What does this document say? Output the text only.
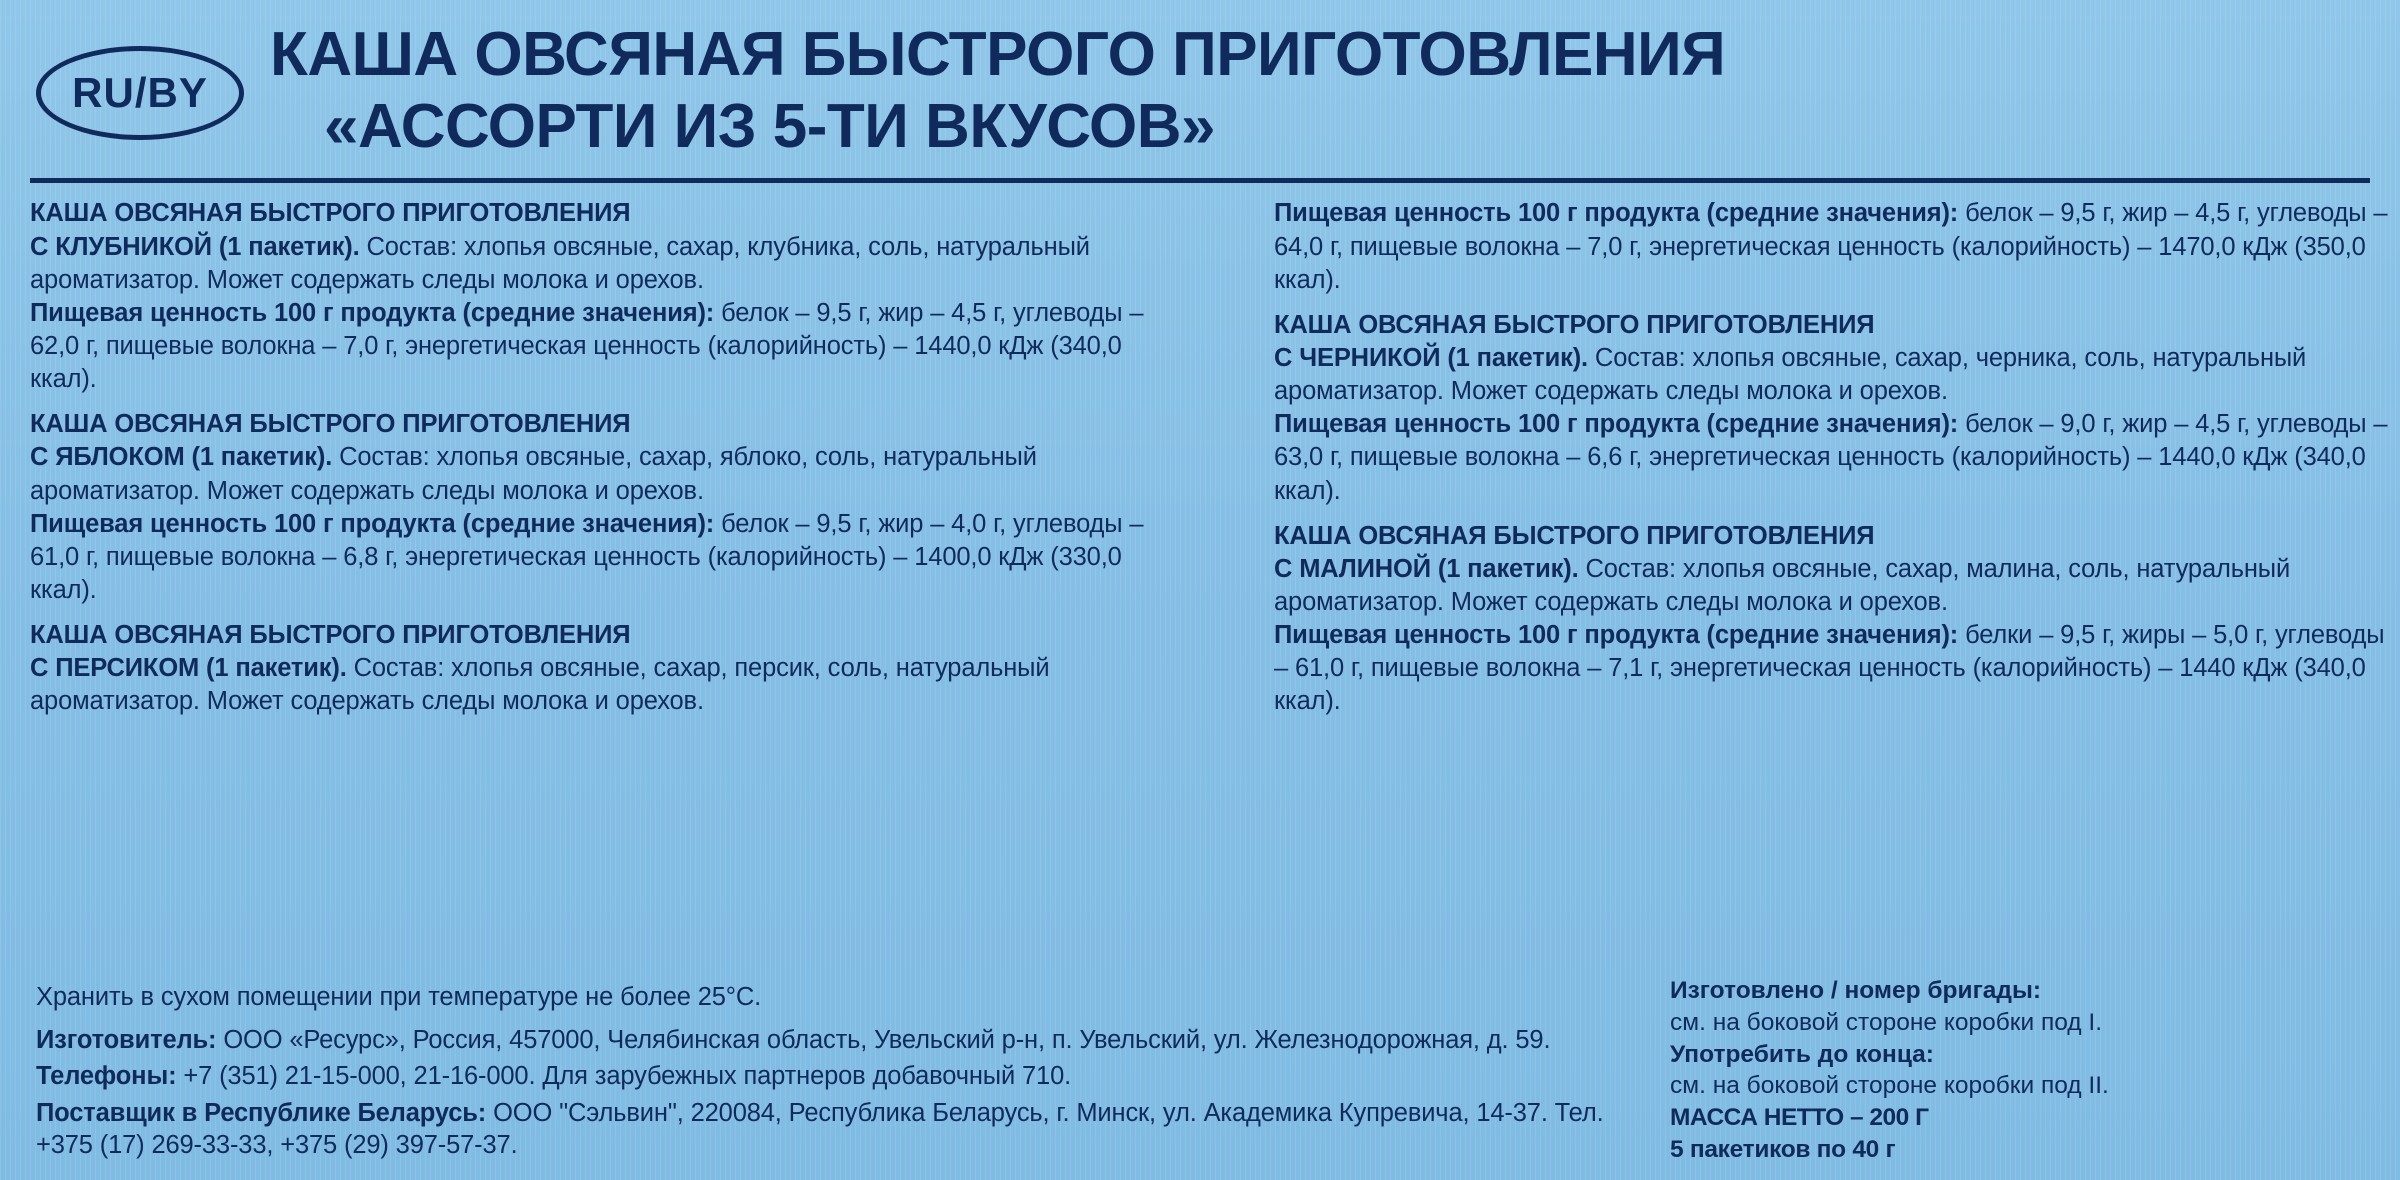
RU/BY
КАША ОВСЯНАЯ БЫСТРОГО ПРИГОТОВЛЕНИЯ
«АССОРТИ ИЗ 5-ТИ ВКУСОВ»

КАША ОВСЯНАЯ БЫСТРОГО ПРИГОТОВЛЕНИЯ

С КЛУБНИКОЙ (1 пакетик). Состав: хлопья овсяные, сахар, клубника, соль, натуральный ароматизатор. Может содержать следы молока и орехов.

Пищевая ценность 100 г продукта (средние значения): белок – 9,5 г, жир – 4,5 г, углеводы – 62,0 г, пищевые волокна – 7,0 г, энергетическая ценность (калорийность) – 1440,0 кДж (340,0 ккал).

КАША ОВСЯНАЯ БЫСТРОГО ПРИГОТОВЛЕНИЯ

С ЯБЛОКОМ (1 пакетик). Состав: хлопья овсяные, сахар, яблоко, соль, натуральный ароматизатор. Может содержать следы молока и орехов.

Пищевая ценность 100 г продукта (средние значения): белок – 9,5 г, жир – 4,0 г, углеводы – 61,0 г, пищевые волокна – 6,8 г, энергетическая ценность (калорийность) – 1400,0 кДж (330,0 ккал).

КАША ОВСЯНАЯ БЫСТРОГО ПРИГОТОВЛЕНИЯ

С ПЕРСИКОМ (1 пакетик). Состав: хлопья овсяные, сахар, персик, соль, натуральный ароматизатор. Может содержать следы молока и орехов.

Пищевая ценность 100 г продукта (средние значения): белок – 9,5 г, жир – 4,5 г, углеводы – 64,0 г, пищевые волокна – 7,0 г, энергетическая ценность (калорийность) – 1470,0 кДж (350,0 ккал).

КАША ОВСЯНАЯ БЫСТРОГО ПРИГОТОВЛЕНИЯ

С ЧЕРНИКОЙ (1 пакетик). Состав: хлопья овсяные, сахар, черника, соль, натуральный ароматизатор. Может содержать следы молока и орехов.

Пищевая ценность 100 г продукта (средние значения): белок – 9,0 г, жир – 4,5 г, углеводы – 63,0 г, пищевые волокна – 6,6 г, энергетическая ценность (калорийность) – 1440,0 кДж (340,0 ккал).

КАША ОВСЯНАЯ БЫСТРОГО ПРИГОТОВЛЕНИЯ

С МАЛИНОЙ (1 пакетик). Состав: хлопья овсяные, сахар, малина, соль, натуральный ароматизатор. Может содержать следы молока и орехов.

Пищевая ценность 100 г продукта (средние значения): белки – 9,5 г, жиры – 5,0 г, углеводы – 61,0 г, пищевые волокна – 7,1 г, энергетическая ценность (калорийность) – 1440 кДж (340,0 ккал).

Хранить в сухом помещении при температуре не более 25°C.

Изготовитель: ООО «Ресурс», Россия, 457000, Челябинская область, Увельский р-н, п. Увельский, ул. Железнодорожная, д. 59.

Телефоны: +7 (351) 21-15-000, 21-16-000. Для зарубежных партнеров добавочный 710.

Поставщик в Республике Беларусь: ООО "Сэльвин", 220084, Республика Беларусь, г. Минск, ул. Академика Купревича, 14-37. Тел. +375 (17) 269-33-33, +375 (29) 397-57-37.

Изготовлено / номер бригады:

см. на боковой стороне коробки под I.

Употребить до конца:

см. на боковой стороне коробки под II.

МАССА НЕТТО – 200 Г

5 пакетиков по 40 г
